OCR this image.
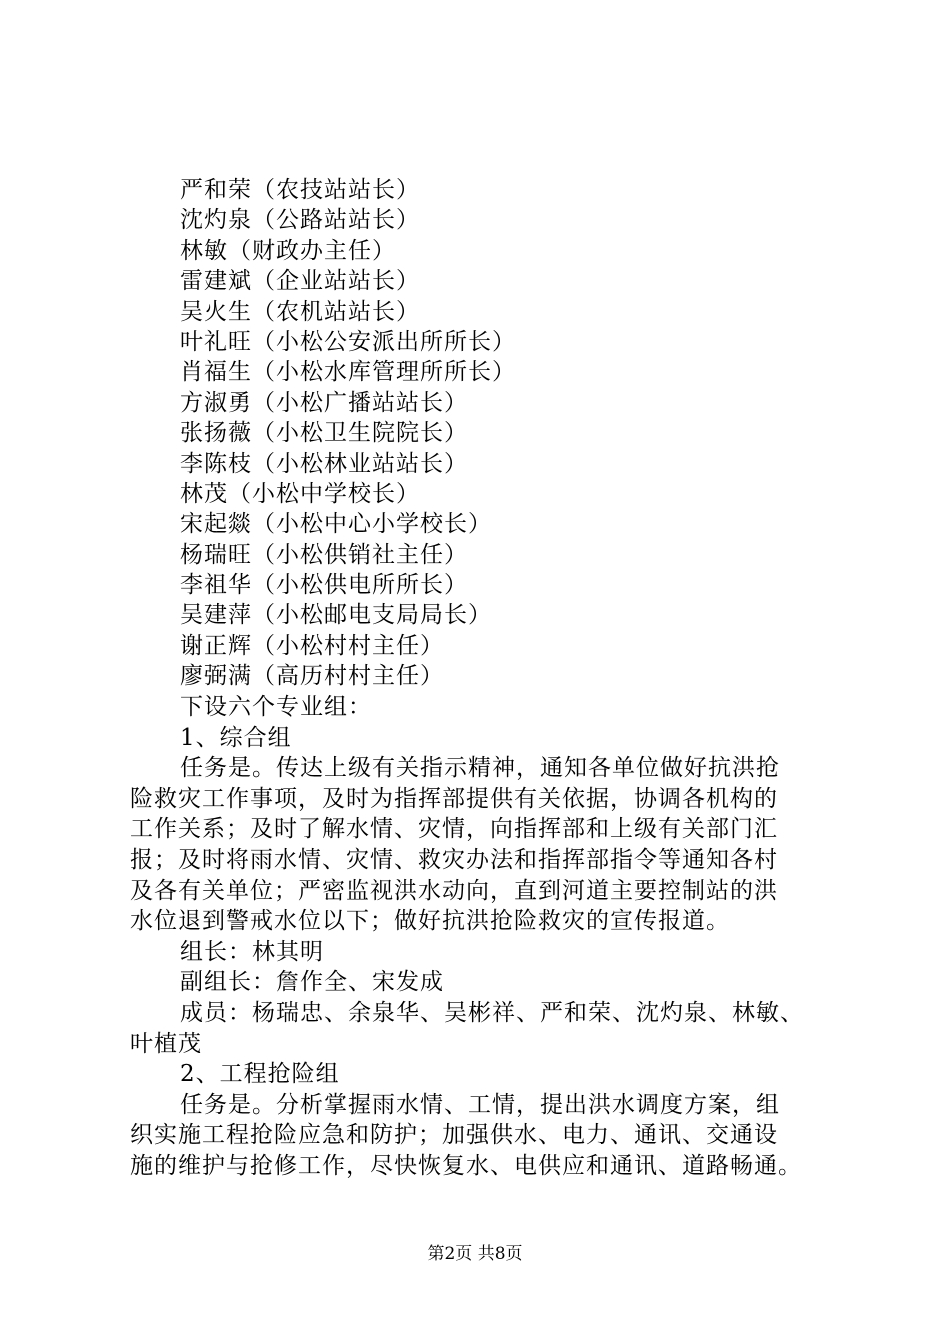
严和荣（农技站站长）
沈灼泉（公路站站长）
林敏（财政办主任）
雷建斌（企业站站长）
吴火生（农机站站长）
叶礼旺（小松公安派出所所长）
肖福生（小松水库管理所所长）
方淑勇（小松广播站站长）
张扬薇（小松卫生院院长）
李陈枝（小松林业站站长）
林茂（小松中学校长）
宋起燚（小松中心小学校长）
杨瑞旺（小松供销社主任）
李祖华（小松供电所所长）
吴建萍（小松邮电支局局长）
谢正辉（小松村村主任）
廖弼满（高历村村主任）
下设六个专业组：
1、综合组
任务是。传达上级有关指示精神，通知各单位做好抗洪抢
险救灾工作事项，及时为指挥部提供有关依据，协调各机构的
工作关系；及时了解水情、灾情，向指挥部和上级有关部门汇
报；及时将雨水情、灾情、救灾办法和指挥部指令等通知各村
及各有关单位；严密监视洪水动向，直到河道主要控制站的洪
水位退到警戒水位以下；做好抗洪抢险救灾的宣传报道。
组长：林其明
副组长：詹作全、宋发成
成员：杨瑞忠、余泉华、吴彬祥、严和荣、沈灼泉、林敏、
叶植茂
2、工程抢险组
任务是。分析掌握雨水情、工情，提出洪水调度方案，组
织实施工程抢险应急和防护；加强供水、电力、通讯、交通设
施的维护与抢修工作，尽快恢复水、电供应和通讯、道路畅通。
第2页 共8页
